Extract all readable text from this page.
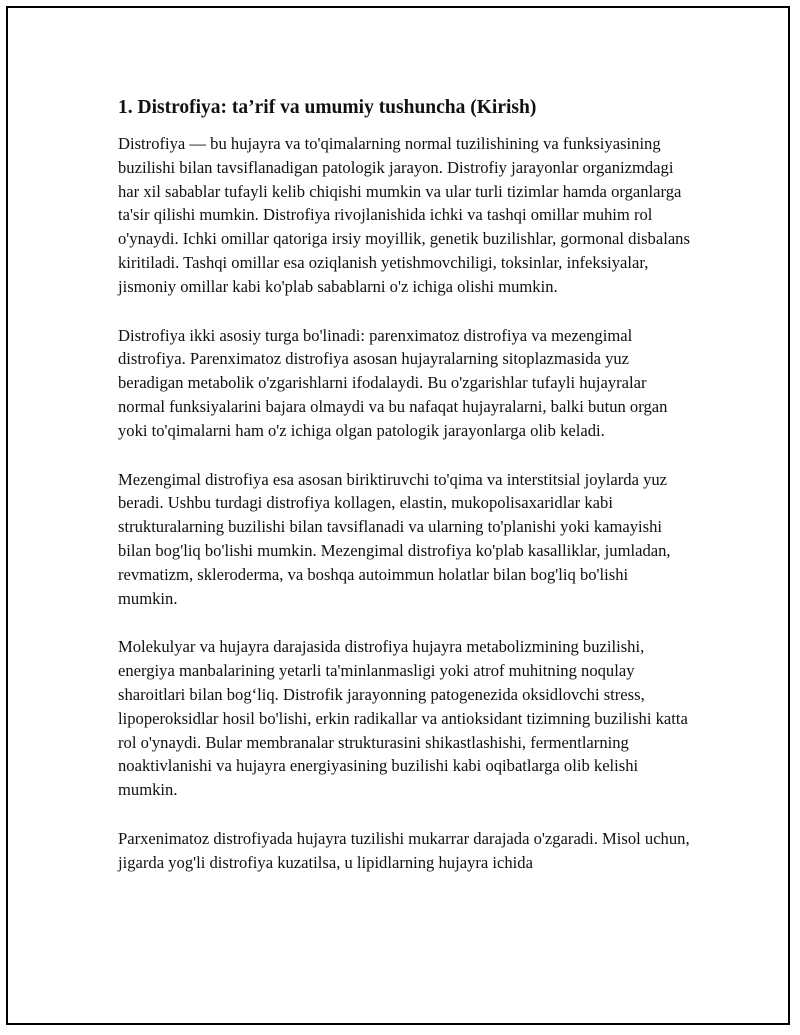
1. Distrofiya: ta’rif va umumiy tushuncha (Kirish)

Distrofiya — bu hujayra va to'qimalarning normal tuzilishining va funksiyasining buzilishi bilan tavsiflanadigan patologik jarayon. Distrofiy jarayonlar organizmdagi har xil sabablar tufayli kelib chiqishi mumkin va ular turli tizimlar hamda organlarga ta'sir qilishi mumkin. Distrofiya rivojlanishida ichki va tashqi omillar muhim rol o'ynaydi. Ichki omillar qatoriga irsiy moyillik, genetik buzilishlar, gormonal disbalans kiritiladi. Tashqi omillar esa oziqlanish yetishmovchiligi, toksinlar, infeksiyalar, jismoniy omillar kabi ko'plab sabablarni o'z ichiga olishi mumkin.

Distrofiya ikki asosiy turga bo'linadi: parenximatoz distrofiya va mezengimal distrofiya. Parenximatoz distrofiya asosan hujayralarning sitoplazmasida yuz beradigan metabolik o'zgarishlarni ifodalaydi. Bu o'zgarishlar tufayli hujayralar normal funksiyalarini bajara olmaydi va bu nafaqat hujayralarni, balki butun organ yoki to'qimalarni ham o'z ichiga olgan patologik jarayonlarga olib keladi.

Mezengimal distrofiya esa asosan biriktiruvchi to'qima va interstitsial joylarda yuz beradi. Ushbu turdagi distrofiya kollagen, elastin, mukopolisaxaridlar kabi strukturalarning buzilishi bilan tavsiflanadi va ularning to'planishi yoki kamayishi bilan bog'liq bo'lishi mumkin. Mezengimal distrofiya ko'plab kasalliklar, jumladan, revmatizm, skleroderma, va boshqa autoimmun holatlar bilan bog'liq bo'lishi mumkin.

Molekulyar va hujayra darajasida distrofiya hujayra metabolizmining buzilishi, energiya manbalarining yetarli ta'minlanmasligi yoki atrof muhitning noqulay sharoitlari bilan bog‘liq. Distrofik jarayonning patogenezida oksidlovchi stress, lipoperoksidlar hosil bo'lishi, erkin radikallar va antioksidant tizimning buzilishi katta rol o'ynaydi. Bular membranalar strukturasini shikastlashishi, fermentlarning noaktivlanishi va hujayra energiyasining buzilishi kabi oqibatlarga olib kelishi mumkin.

Parxenimatoz distrofiyada hujayra tuzilishi mukarrar darajada o'zgaradi. Misol uchun, jigarda yog'li distrofiya kuzatilsa, u lipidlarning hujayra ichida
